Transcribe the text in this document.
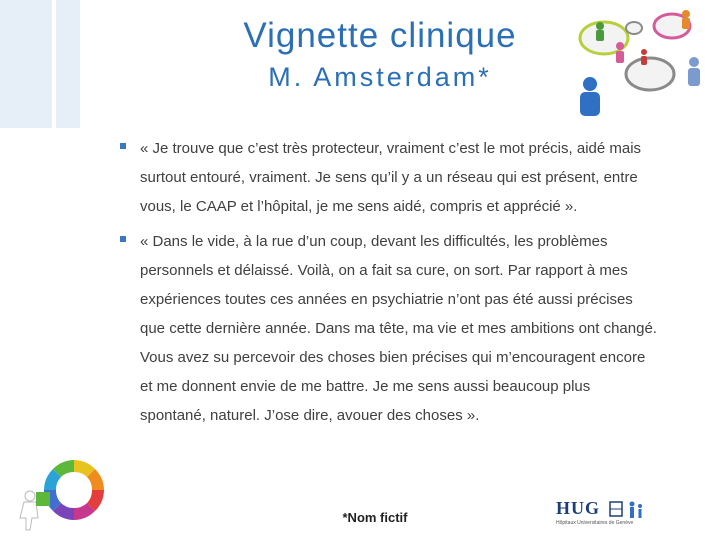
Vignette clinique
M. Amsterdam*
« Je trouve que c’est très protecteur, vraiment c’est le mot précis, aidé mais surtout entouré, vraiment. Je sens qu’il y a un réseau qui est présent, entre vous, le CAAP et l’hôpital, je me sens aidé, compris et apprécié ».
« Dans le vide, à la rue d’un coup, devant les difficultés, les problèmes personnels et délaissé. Voilà, on a fait sa cure, on sort. Par rapport à mes expériences toutes ces années en psychiatrie n’ont pas été aussi précises que cette dernière année. Dans ma tête, ma vie et mes ambitions ont changé. Vous avez su percevoir des choses bien précises qui m’encouragent encore et me donnent envie de me battre. Je me sens aussi beaucoup plus spontané, naturel. J’ose dire, avouer des choses ».
*Nom fictif	HUG
Hôpitaux Universitaires de Genève
